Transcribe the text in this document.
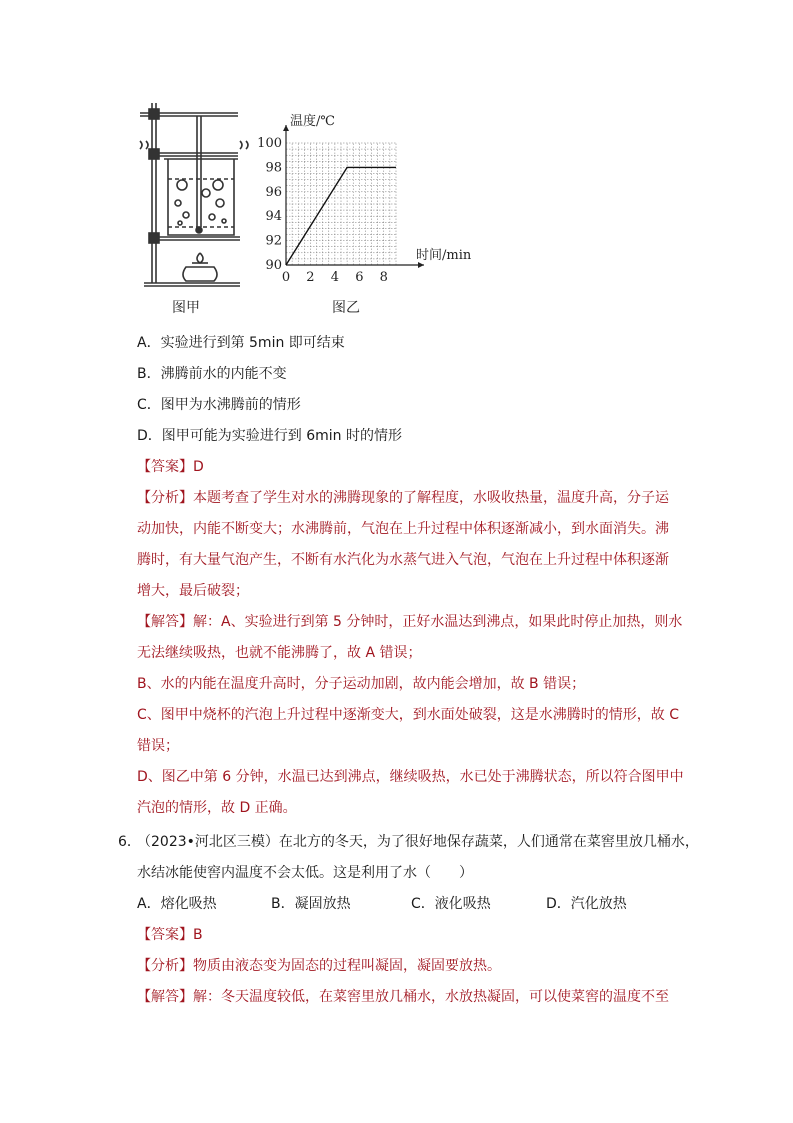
图甲
0 2 4 6 8
90
92
94
96
98
100
温度/℃
时间/min
图乙
A．实验进行到第 5min 即可结束
B．沸腾前水的内能不变
C．图甲为水沸腾前的情形
D．图甲可能为实验进行到 6min 时的情形
【答案】D
【分析】本题考查了学生对水的沸腾现象的了解程度，水吸收热量，温度升高，分子运
动加快，内能不断变大；水沸腾前，气泡在上升过程中体积逐渐减小，到水面消失。沸
腾时，有大量气泡产生，不断有水汽化为水蒸气进入气泡，气泡在上升过程中体积逐渐
增大，最后破裂；
【解答】解：A、实验进行到第 5 分钟时，正好水温达到沸点，如果此时停止加热，则水
无法继续吸热，也就不能沸腾了，故 A 错误；
B、水的内能在温度升高时，分子运动加剧，故内能会增加，故 B 错误；
C、图甲中烧杯的汽泡上升过程中逐渐变大，到水面处破裂，这是水沸腾时的情形，故 C
错误；
D、图乙中第 6 分钟，水温已达到沸点，继续吸热，水已处于沸腾状态，所以符合图甲中
汽泡的情形，故 D 正确。
6．
（2023•河北区三模）在北方的冬天，为了很好地保存蔬菜，人们通常在菜窖里放几桶水，
水结冰能使窖内温度不会太低。这是利用了水（　　）
A．熔化吸热	B．凝固放热	C．液化吸热	D．汽化放热
【答案】B
【分析】物质由液态变为固态的过程叫凝固，凝固要放热。
【解答】解：冬天温度较低，在菜窖里放几桶水，水放热凝固，可以使菜窖的温度不至
